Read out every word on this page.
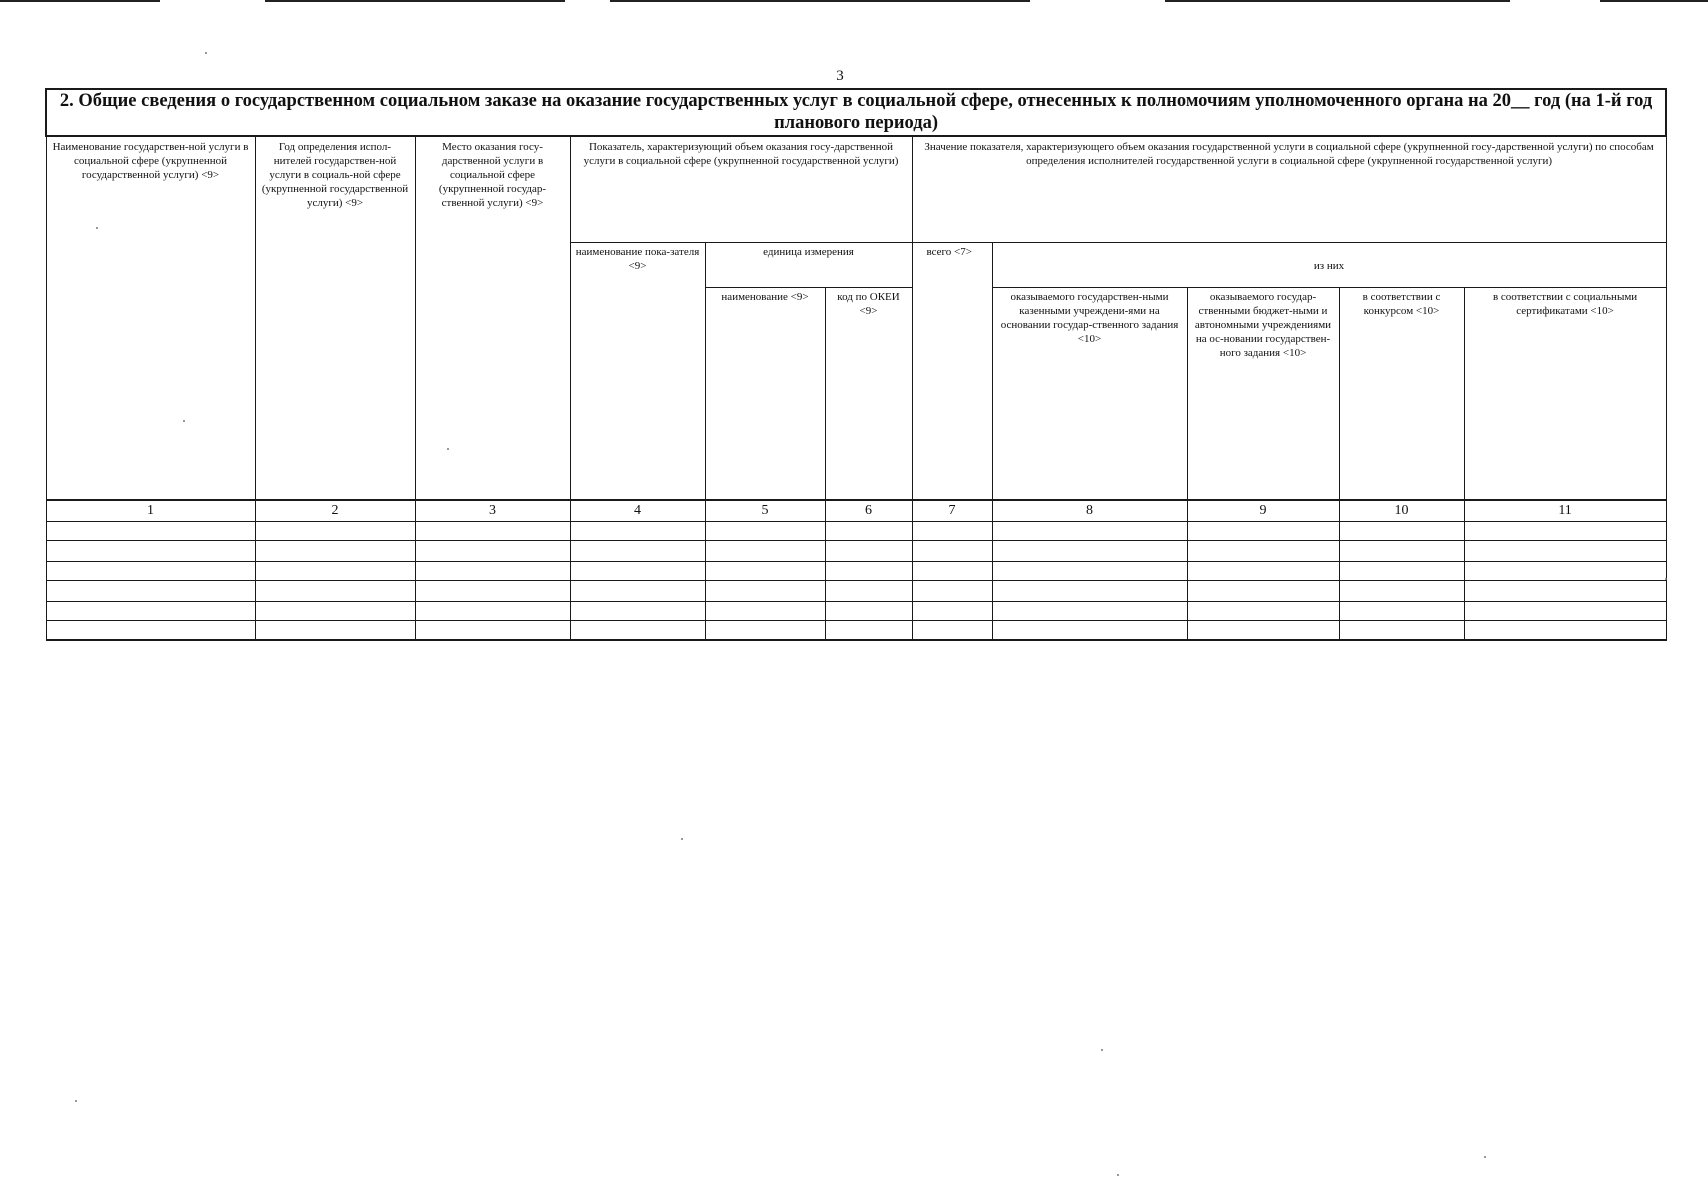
3
2. Общие сведения о государственном социальном заказе на оказание государственных услуг в социальной сфере, отнесенных к полномочиям уполномоченного органа на 20__ год (на 1-й год планового периода)										
Наименование государствен-ной услуги в социальной сфере (укрупненной государственной услуги) <9>	Год определения испол-нителей государствен-ной услуги в социаль-ной сфере (укрупненной государственной услуги) <9>	Место оказания госу-дарственной услуги в социальной сфере (укрупненной государ-ственной услуги) <9>	Показатель, характеризующий объем оказания госу-дарственной услуги в социальной сфере (укрупненной государственной услуги)			Значение показателя, характеризующего объем оказания государственной услуги в социальной сфере (укрупненной госу-дарственной услуги) по способам определения исполнителей государственной услуги в социальной сфере (укрупненной государственной услуги)				
			наименование пока-зателя <9>	единица измерения		всего <7>	из них			
				наименование <9>	код по ОКЕИ <9>		оказываемого государствен-ными казенными учреждени-ями на основании государ-ственного задания <10>	оказываемого государ-ственными бюджет-ными и автономными учреждениями на ос-новании государствен-ного задания <10>	в соответствии с конкурсом <10>	в соответствии с социальными сертификатами <10>
1	2	3	4	5	6	7	8	9	10	11
